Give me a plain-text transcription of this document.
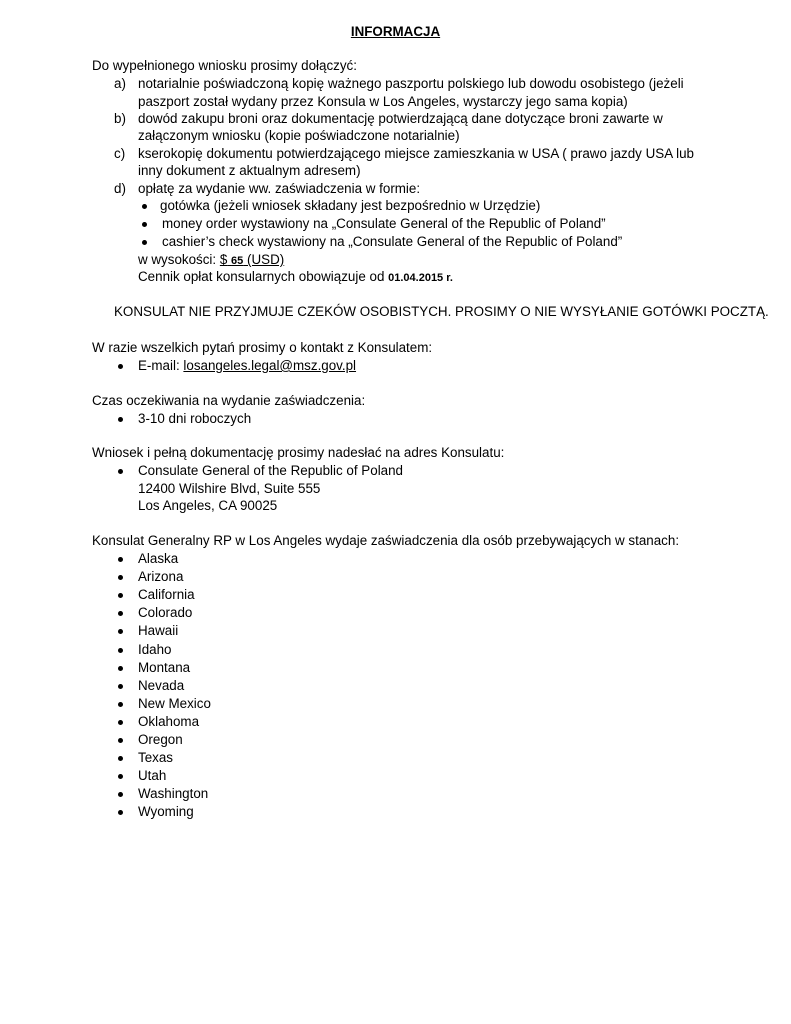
INFORMACJA
Do wypełnionego wniosku prosimy dołączyć:
a) notarialnie poświadczoną kopię ważnego paszportu polskiego lub dowodu osobistego (jeżeli
paszport został wydany przez Konsula w Los Angeles, wystarczy jego sama kopia)
b) dowód zakupu broni oraz dokumentację potwierdzającą dane dotyczące broni zawarte w
załączonym wniosku (kopie poświadczone notarialnie)
c) kserokopię dokumentu potwierdzającego miejsce zamieszkania w USA ( prawo jazdy USA lub
inny dokument z aktualnym adresem)
d) opłatę za wydanie ww. zaświadczenia w formie:
gotówka (jeżeli wniosek składany jest bezpośrednio w Urzędzie)
money order wystawiony na „Consulate General of the Republic of Poland”
cashier’s check wystawiony na „Consulate General of the Republic of Poland”
w wysokości: $ 65 (USD)
Cennik opłat konsularnych obowiązuje od 01.04.2015 r.
KONSULAT NIE PRZYJMUJE CZEKÓW OSOBISTYCH. PROSIMY O NIE WYSYŁANIE GOTÓWKI POCZTĄ.
W razie wszelkich pytań prosimy o kontakt z Konsulatem:
E-mail: losangeles.legal@msz.gov.pl
Czas oczekiwania na wydanie zaświadczenia:
3-10 dni roboczych
Wniosek i pełną dokumentację prosimy nadesłać na adres Konsulatu:
Consulate General of the Republic of Poland
12400 Wilshire Blvd, Suite 555
Los Angeles, CA 90025
Konsulat Generalny RP w Los Angeles wydaje zaświadczenia dla osób przebywających w stanach:
Alaska
Arizona
California
Colorado
Hawaii
Idaho
Montana
Nevada
New Mexico
Oklahoma
Oregon
Texas
Utah
Washington
Wyoming
